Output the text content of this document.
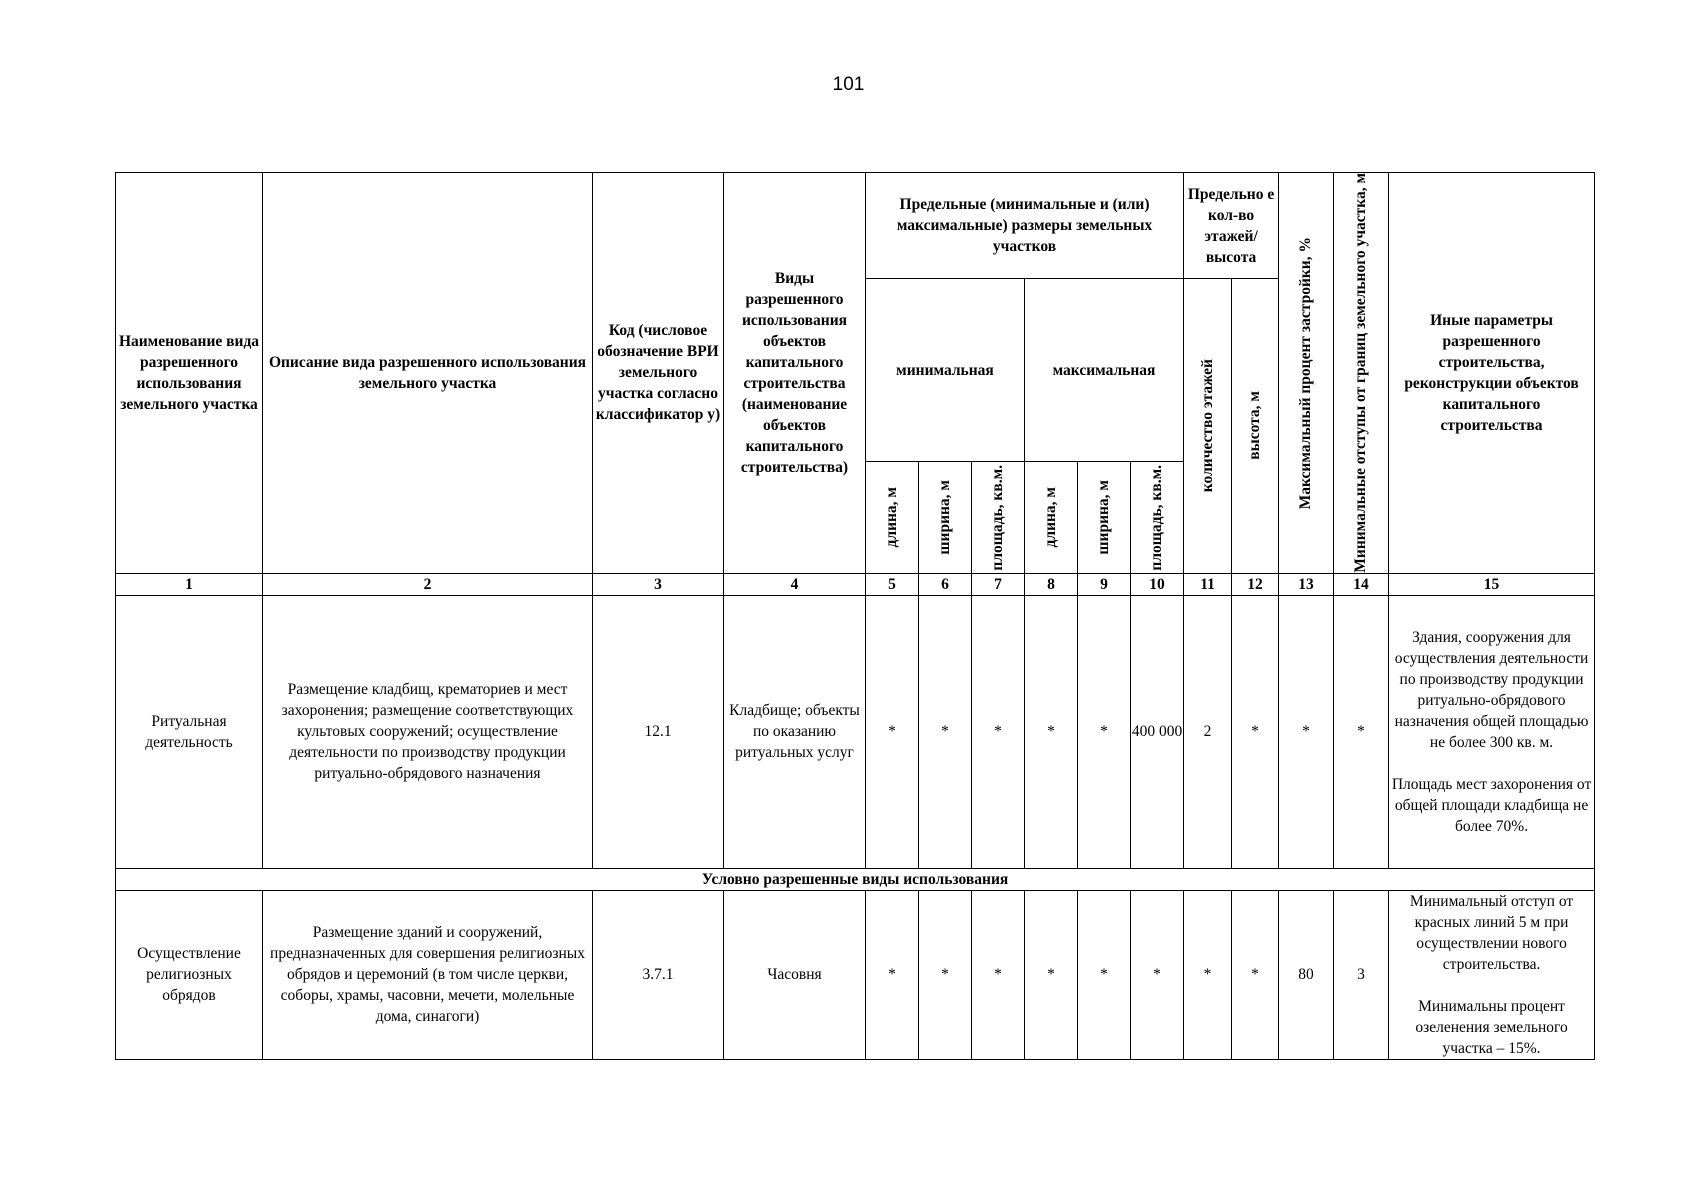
101
Наименование вида разрешенного использования земельного участка	Описание вида разрешенного использования земельного участка	Код (числовое обозначение ВРИ земельного участка согласно классификатор у)	Виды разрешенного использования объектов капитального строительства (наименование объектов капитального строительства)	Предельные (минимальные и (или) максимальные) размеры земельных участков						Предельно е кол-во этажей/ высота		Максимальный процент застройки, %	Минимальные отступы от границ земельного участка, м	Иные параметры разрешенного строительства, реконструкции объектов капитального строительства
				минимальная			максимальная			количество этажей	высота, м			

				длина, м	ширина, м	площадь, кв.м.	длина, м	ширина, м	площадь, кв.м.					

1	2	3	4	5	6	7	8	9	10	11	12	13	14	15
Ритуальная деятельность	Размещение кладбищ, крематориев и мест захоронения; размещение соответствующих культовых сооружений; осуществление деятельности по производству продукции ритуально-обрядового назначения	12.1	Кладбище; объекты по оказанию ритуальных услуг	*	*	*	*	*	400 000	2	*	*	*	Здания, сооружения для осуществления деятельности по производству продукции ритуально-обрядового назначения общей площадью не более 300 кв. м.

Площадь мест захоронения от общей площади кладбища не более 70%.
Условно разрешенные виды использования														
Осуществление религиозных обрядов	Размещение зданий и сооружений, предназначенных для совершения религиозных обрядов и церемоний (в том числе церкви, соборы, храмы, часовни, мечети, молельные дома, синагоги)	3.7.1	Часовня	*	*	*	*	*	*	*	*	80	3	Минимальный отступ от красных линий 5 м при осуществлении нового строительства.

Минимальны процент озеленения земельного участка – 15%.
